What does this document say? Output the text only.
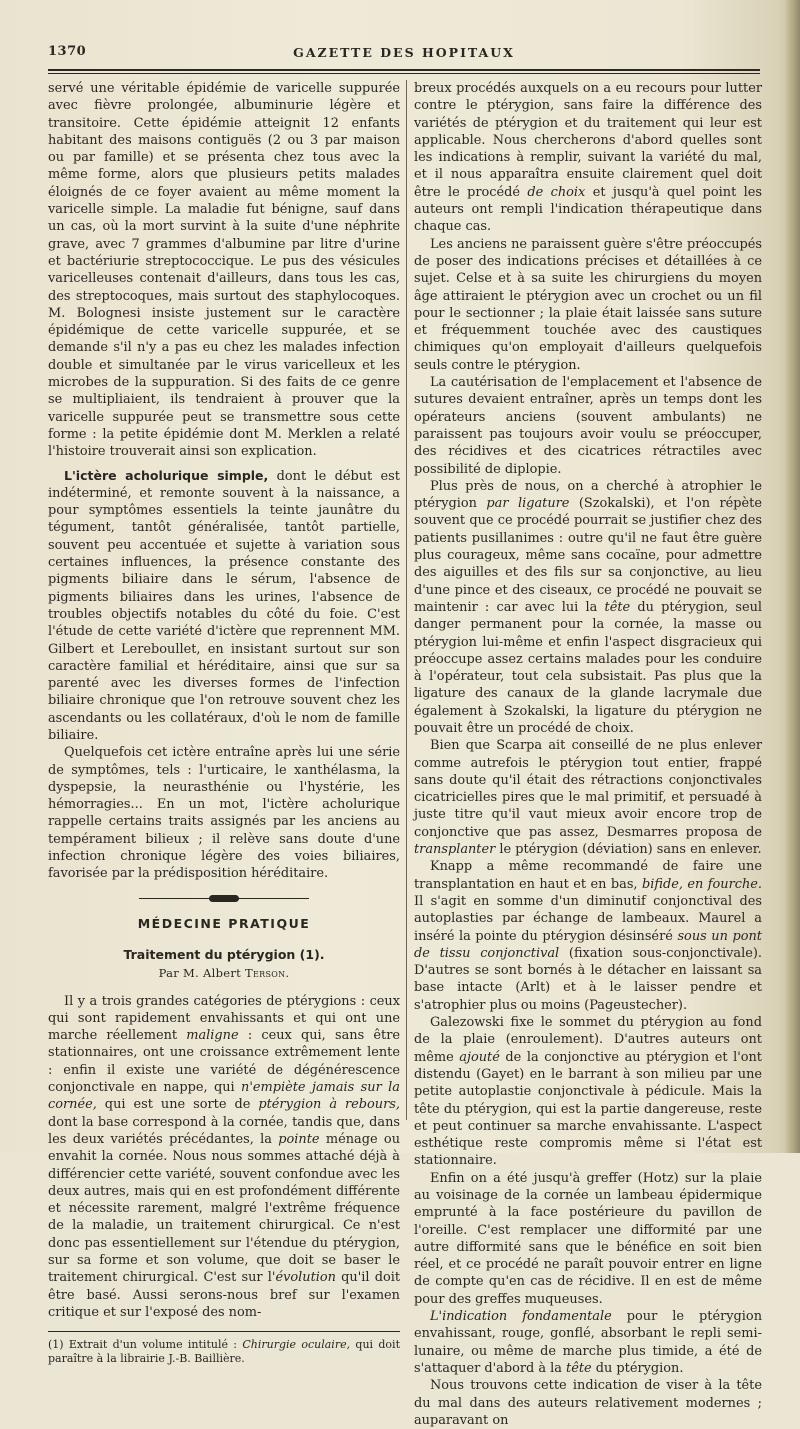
1370	GAZETTE DES HOPITAUX

servé une véritable épidémie de varicelle suppurée avec fièvre prolongée, albuminurie légère et transitoire. Cette épidémie atteignit 12 enfants habitant des maisons contiguës (2 ou 3 par maison ou par famille) et se présenta chez tous avec la même forme, alors que plusieurs petits malades éloignés de ce foyer avaient au même moment la varicelle simple. La maladie fut bénigne, sauf dans un cas, où la mort survint à la suite d'une néphrite grave, avec 7 grammes d'albumine par litre d'urine et bactériurie streptococcique. Le pus des vésicules varicelleuses contenait d'ailleurs, dans tous les cas, des streptocoques, mais surtout des staphylocoques. M. Bolognesi insiste justement sur le caractère épidémique de cette varicelle suppurée, et se demande s'il n'y a pas eu chez les malades infection double et simultanée par le virus varicelleux et les microbes de la suppuration. Si des faits de ce genre se multipliaient, ils tendraient à prouver que la varicelle suppurée peut se transmettre sous cette forme : la petite épidémie dont M. Merklen a relaté l'histoire trouverait ainsi son explication.

L'ictère acholurique simple, dont le début est indéterminé, et remonte souvent à la naissance, a pour symptômes essentiels la teinte jaunâtre du tégument, tantôt généralisée, tantôt partielle, souvent peu accentuée et sujette à variation sous certaines influences, la présence constante des pigments biliaire dans le sérum, l'absence de pigments biliaires dans les urines, l'absence de troubles objectifs notables du côté du foie. C'est l'étude de cette variété d'ictère que reprennent MM. Gilbert et Lereboullet, en insistant surtout sur son caractère familial et héréditaire, ainsi que sur sa parenté avec les diverses formes de l'infection biliaire chronique que l'on retrouve souvent chez les ascendants ou les collatéraux, d'où le nom de famille biliaire.

Quelquefois cet ictère entraîne après lui une série de symptômes, tels : l'urticaire, le xanthélasma, la dyspepsie, la neurasthénie ou l'hystérie, les hémorragies... En un mot, l'ictère acholurique rappelle certains traits assignés par les anciens au tempérament bilieux ; il relève sans doute d'une infection chronique légère des voies biliaires, favorisée par la prédisposition héréditaire.

MÉDECINE PRATIQUE
Traitement du ptérygion (1).
Par M. Albert Terson.

Il y a trois grandes catégories de ptérygions : ceux qui sont rapidement envahissants et qui ont une marche réellement maligne : ceux qui, sans être stationnaires, ont une croissance extrêmement lente : enfin il existe une variété de dégénérescence conjonctivale en nappe, qui n'empiète jamais sur la cornée, qui est une sorte de ptérygion à rebours, dont la base correspond à la cornée, tandis que, dans les deux variétés précédantes, la pointe ménage ou envahit la cornée. Nous nous sommes attaché déjà à différencier cette variété, souvent confondue avec les deux autres, mais qui en est profondément différente et nécessite rarement, malgré l'extrême fréquence de la maladie, un traitement chirurgical. Ce n'est donc pas essentiellement sur l'étendue du ptérygion, sur sa forme et son volume, que doit se baser le traitement chirurgical. C'est sur l'évolution qu'il doit être basé. Aussi serons-nous bref sur l'examen critique et sur l'exposé des nom-

(1) Extrait d'un volume intitulé : Chirurgie oculaire, qui doit paraître à la librairie J.-B. Baillière.

breux procédés auxquels on a eu recours pour lutter contre le ptérygion, sans faire la différence des variétés de ptérygion et du traitement qui leur est applicable. Nous chercherons d'abord quelles sont les indications à remplir, suivant la variété du mal, et il nous apparaîtra ensuite clairement quel doit être le procédé de choix et jusqu'à quel point les auteurs ont rempli l'indication thérapeutique dans chaque cas.

Les anciens ne paraissent guère s'être préoccupés de poser des indications précises et détaillées à ce sujet. Celse et à sa suite les chirurgiens du moyen âge attiraient le ptérygion avec un crochet ou un fil pour le sectionner ; la plaie était laissée sans suture et fréquemment touchée avec des caustiques chimiques qu'on employait d'ailleurs quelquefois seuls contre le ptérygion.

La cautérisation de l'emplacement et l'absence de sutures devaient entraîner, après un temps dont les opérateurs anciens (souvent ambulants) ne paraissent pas toujours avoir voulu se préoccuper, des récidives et des cicatrices rétractiles avec possibilité de diplopie.

Plus près de nous, on a cherché à atrophier le ptérygion par ligature (Szokalski), et l'on répète souvent que ce procédé pourrait se justifier chez des patients pusillanimes : outre qu'il ne faut être guère plus courageux, même sans cocaïne, pour admettre des aiguilles et des fils sur sa conjonctive, au lieu d'une pince et des ciseaux, ce procédé ne pouvait se maintenir : car avec lui la tête du ptérygion, seul danger permanent pour la cornée, la masse ou ptérygion lui-même et enfin l'aspect disgracieux qui préoccupe assez certains malades pour les conduire à l'opérateur, tout cela subsistait. Pas plus que la ligature des canaux de la glande lacrymale due également à Szokalski, la ligature du ptérygion ne pouvait être un procédé de choix.

Bien que Scarpa ait conseillé de ne plus enlever comme autrefois le ptérygion tout entier, frappé sans doute qu'il était des rétractions conjonctivales cicatricielles pires que le mal primitif, et persuadé à juste titre qu'il vaut mieux avoir encore trop de conjonctive que pas assez, Desmarres proposa de transplanter le ptérygion (déviation) sans en enlever.

Knapp a même recommandé de faire une transplantation en haut et en bas, bifide, en fourche. Il s'agit en somme d'un diminutif conjonctival des autoplasties par échange de lambeaux. Maurel a inséré la pointe du ptérygion désinséré sous un pont de tissu conjonctival (fixation sous-conjonctivale). D'autres se sont bornés à le détacher en laissant sa base intacte (Arlt) et à le laisser pendre et s'atrophier plus ou moins (Pageustecher).

Galezowski fixe le sommet du ptérygion au fond de la plaie (enroulement). D'autres auteurs ont même ajouté de la conjonctive au ptérygion et l'ont distendu (Gayet) en le barrant à son milieu par une petite autoplastie conjonctivale à pédicule. Mais la tête du ptérygion, qui est la partie dangereuse, reste et peut continuer sa marche envahissante. L'aspect esthétique reste compromis même si l'état est stationnaire.

Enfin on a été jusqu'à greffer (Hotz) sur la plaie au voisinage de la cornée un lambeau épidermique emprunté à la face postérieure du pavillon de l'oreille. C'est remplacer une difformité par une autre difformité sans que le bénéfice en soit bien réel, et ce procédé ne paraît pouvoir entrer en ligne de compte qu'en cas de récidive. Il en est de même pour des greffes muqueuses.

L'indication fondamentale pour le ptérygion envahissant, rouge, gonflé, absorbant le repli semi-lunaire, ou même de marche plus timide, a été de s'attaquer d'abord à la tête du ptérygion.

Nous trouvons cette indication de viser à la tête du mal dans des auteurs relativement modernes ; auparavant on
